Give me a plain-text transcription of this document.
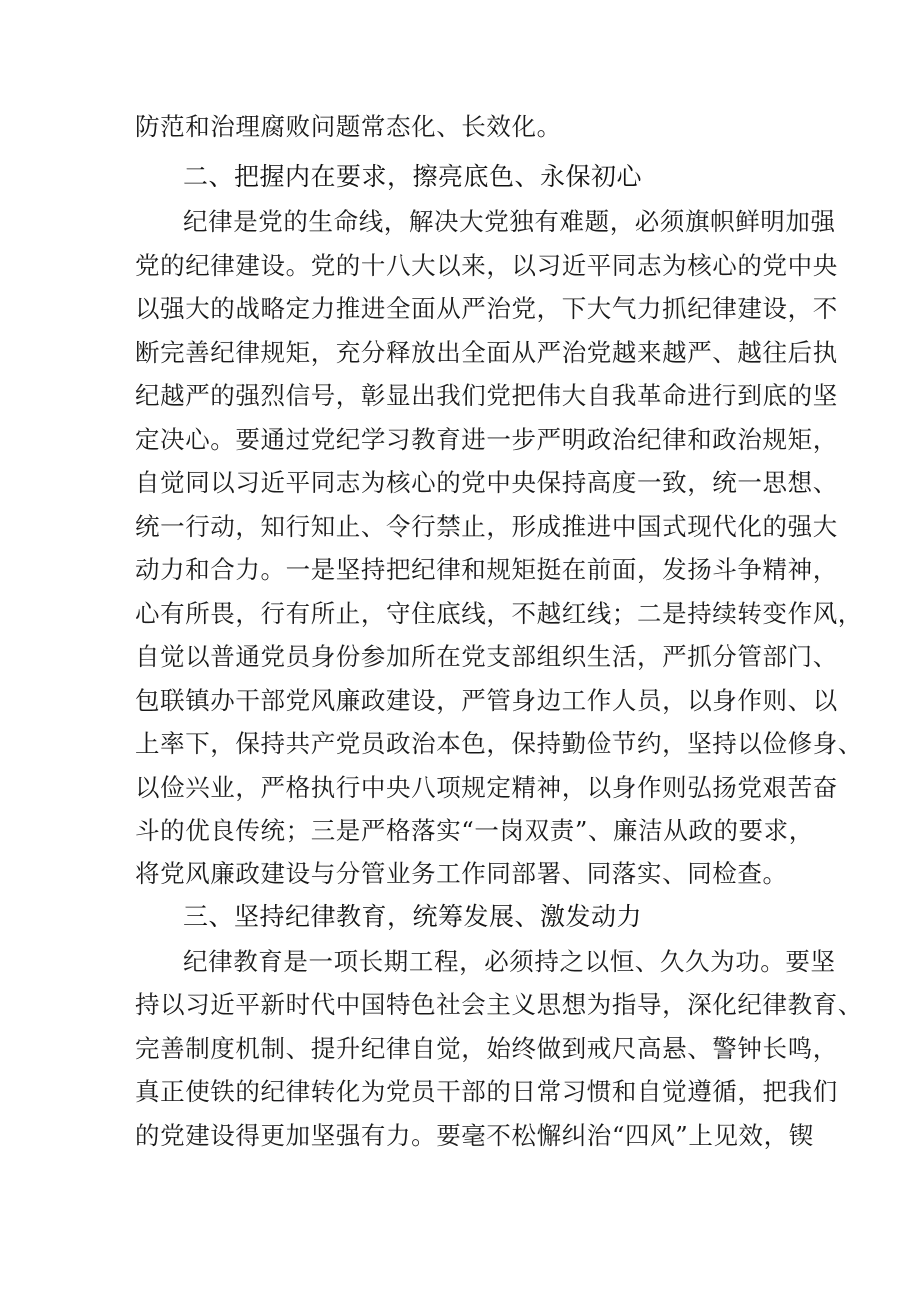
防范和治理腐败问题常态化、长效化。
二、把握内在要求，擦亮底色、永保初心
纪律是党的生命线，解决大党独有难题，必须旗帜鲜明加强
党的纪律建设。党的十八大以来，以习近平同志为核心的党中央
以强大的战略定力推进全面从严治党，下大气力抓纪律建设，不
断完善纪律规矩，充分释放出全面从严治党越来越严、越往后执
纪越严的强烈信号，彰显出我们党把伟大自我革命进行到底的坚
定决心。要通过党纪学习教育进一步严明政治纪律和政治规矩，
自觉同以习近平同志为核心的党中央保持高度一致，统一思想、
统一行动，知行知止、令行禁止，形成推进中国式现代化的强大
动力和合力。一是坚持把纪律和规矩挺在前面，发扬斗争精神，
心有所畏，行有所止，守住底线，不越红线；二是持续转变作风，
自觉以普通党员身份参加所在党支部组织生活，严抓分管部门、
包联镇办干部党风廉政建设，严管身边工作人员，以身作则、以
上率下，保持共产党员政治本色，保持勤俭节约，坚持以俭修身、
以俭兴业，严格执行中央八项规定精神，以身作则弘扬党艰苦奋
斗的优良传统；三是严格落实“一岗双责”、廉洁从政的要求，
将党风廉政建设与分管业务工作同部署、同落实、同检查。
三、坚持纪律教育，统筹发展、激发动力
纪律教育是一项长期工程，必须持之以恒、久久为功。要坚
持以习近平新时代中国特色社会主义思想为指导，深化纪律教育、
完善制度机制、提升纪律自觉，始终做到戒尺高悬、警钟长鸣，
真正使铁的纪律转化为党员干部的日常习惯和自觉遵循，把我们
的党建设得更加坚强有力。要毫不松懈纠治“四风”上见效，锲
